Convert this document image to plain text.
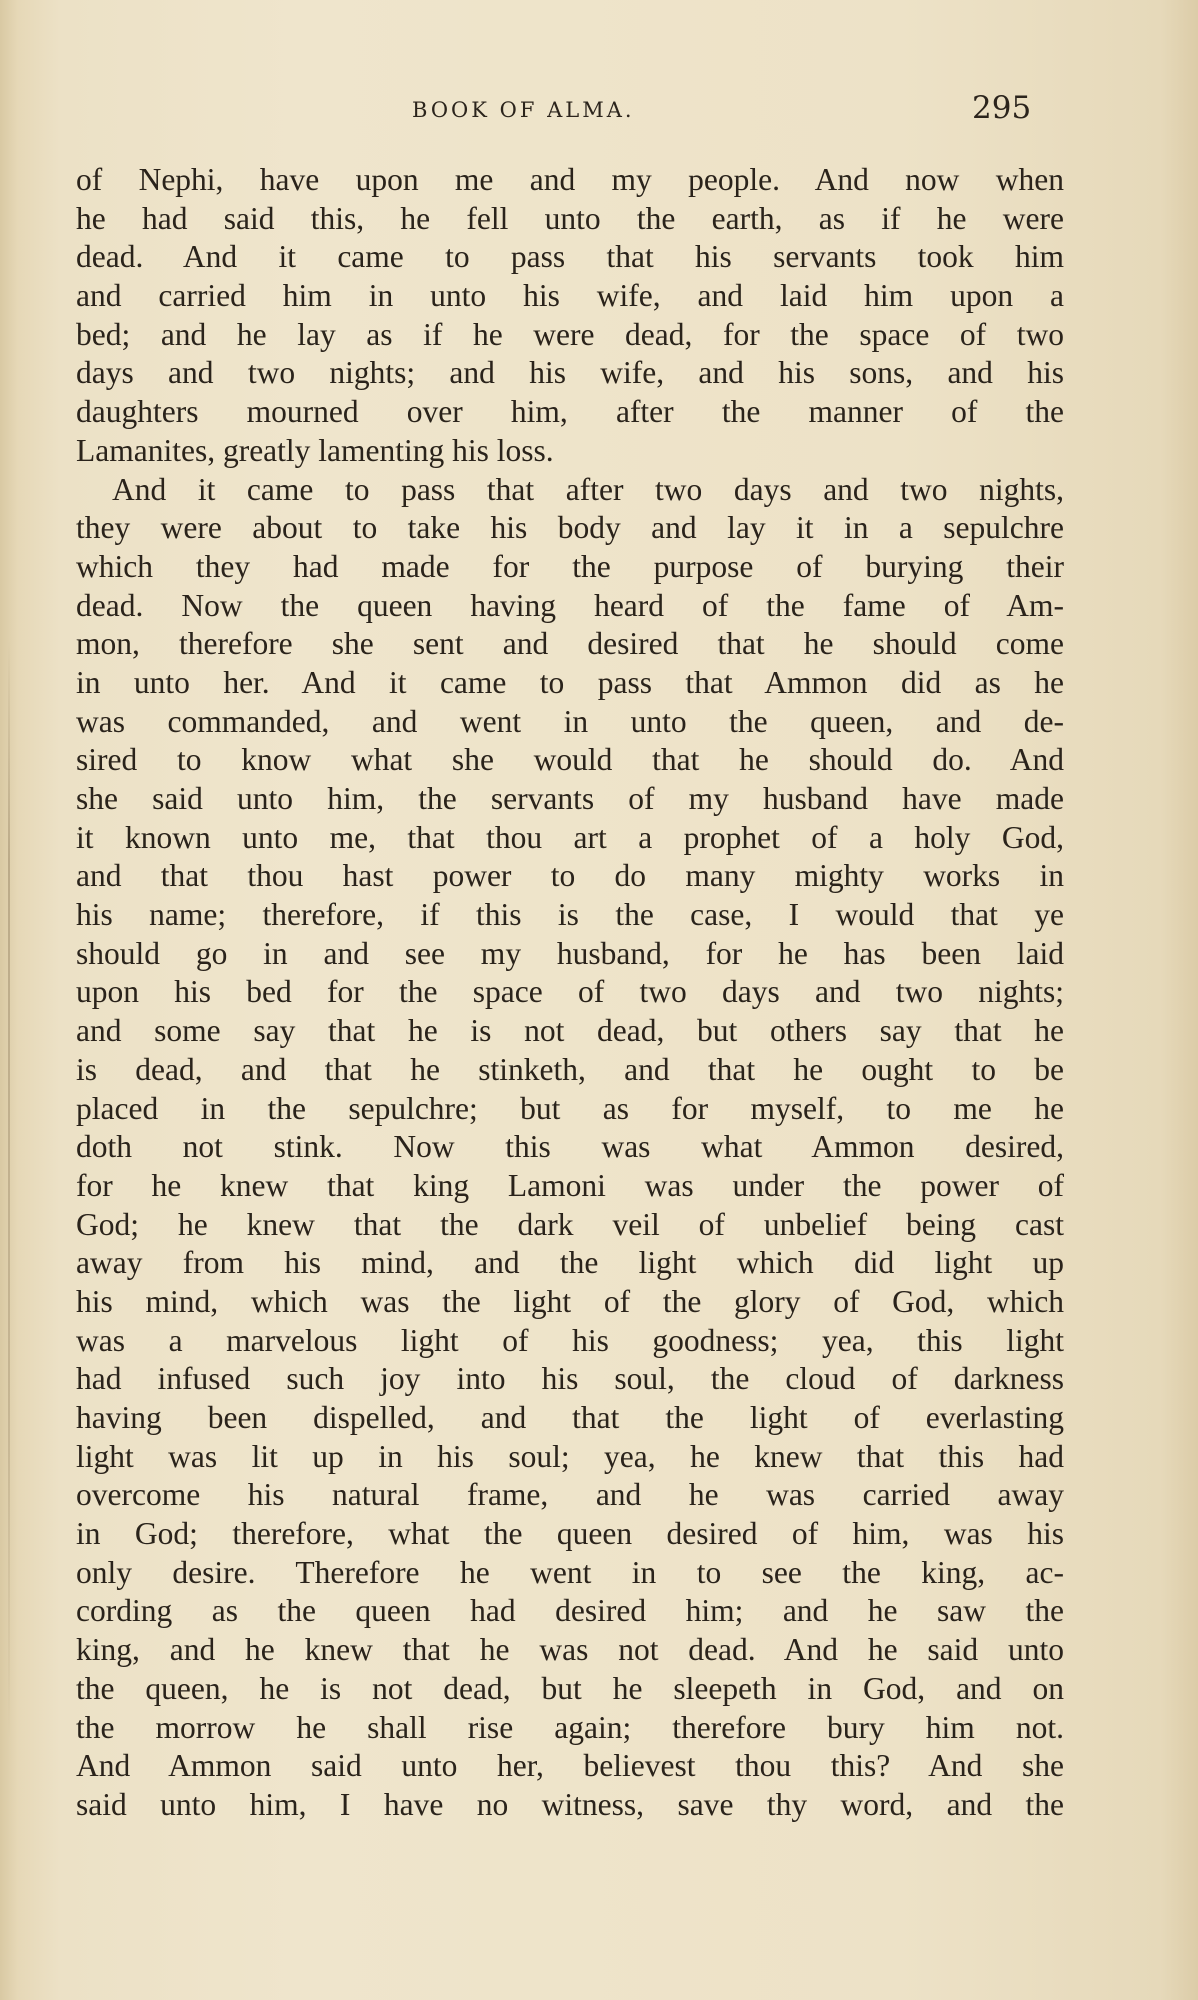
BOOK OF ALMA.	295
of Nephi, have upon me and my people. And now when
he had said this, he fell unto the earth, as if he were
dead. And it came to pass that his servants took him
and carried him in unto his wife, and laid him upon a
bed; and he lay as if he were dead, for the space of two
days and two nights; and his wife, and his sons, and his
daughters mourned over him, after the manner of the
Lamanites, greatly lamenting his loss.
And it came to pass that after two days and two nights,
they were about to take his body and lay it in a sepulchre
which they had made for the purpose of burying their
dead. Now the queen having heard of the fame of Am-
mon, therefore she sent and desired that he should come
in unto her. And it came to pass that Ammon did as he
was commanded, and went in unto the queen, and de-
sired to know what she would that he should do. And
she said unto him, the servants of my husband have made
it known unto me, that thou art a prophet of a holy God,
and that thou hast power to do many mighty works in
his name; therefore, if this is the case, I would that ye
should go in and see my husband, for he has been laid
upon his bed for the space of two days and two nights;
and some say that he is not dead, but others say that he
is dead, and that he stinketh, and that he ought to be
placed in the sepulchre; but as for myself, to me he
doth not stink. Now this was what Ammon desired,
for he knew that king Lamoni was under the power of
God; he knew that the dark veil of unbelief being cast
away from his mind, and the light which did light up
his mind, which was the light of the glory of God, which
was a marvelous light of his goodness; yea, this light
had infused such joy into his soul, the cloud of darkness
having been dispelled, and that the light of everlasting
light was lit up in his soul; yea, he knew that this had
overcome his natural frame, and he was carried away
in God; therefore, what the queen desired of him, was his
only desire. Therefore he went in to see the king, ac-
cording as the queen had desired him; and he saw the
king, and he knew that he was not dead. And he said unto
the queen, he is not dead, but he sleepeth in God, and on
the morrow he shall rise again; therefore bury him not.
And Ammon said unto her, believest thou this? And she
said unto him, I have no witness, save thy word, and the
